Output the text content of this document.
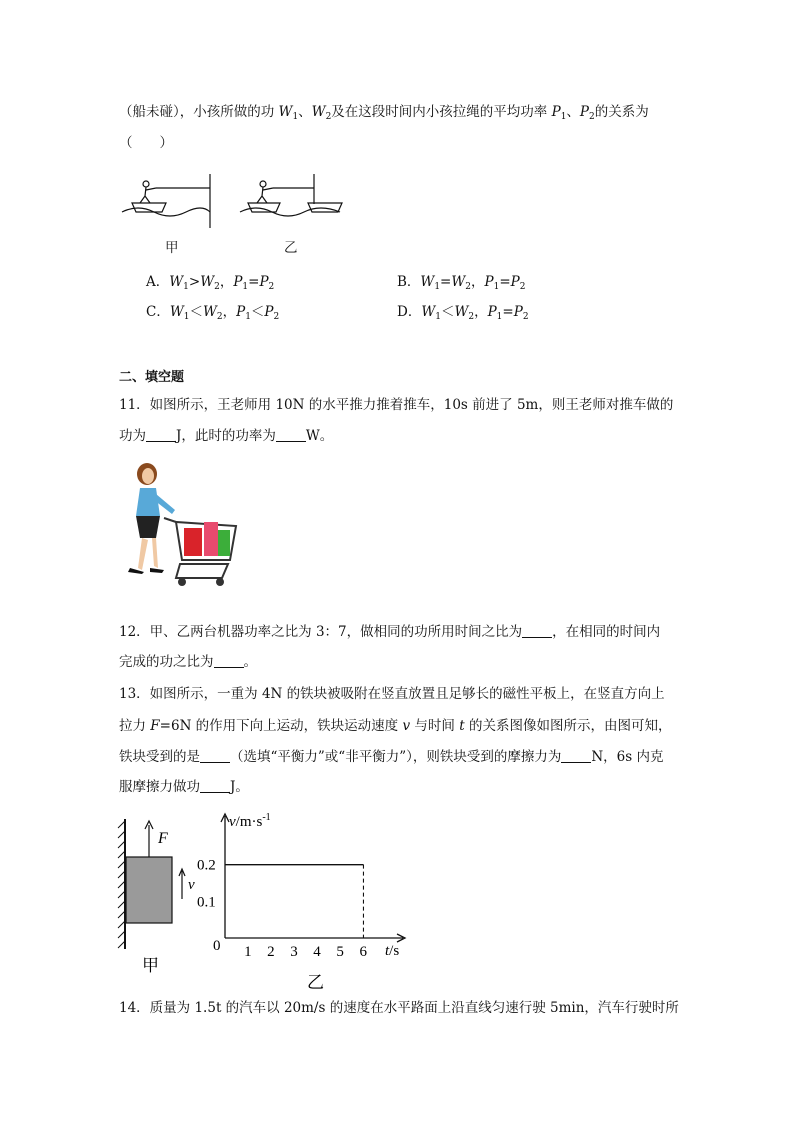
（船未碰），小孩所做的功 $W_1$、$W_2$及在这段时间内小孩拉绳的平均功率 $P_1$、$P_2$的关系为
（　　）
甲	乙
A．$W_1>W_2$，$P_1=P_2$	B．$W_1=W_2$，$P_1=P_2$
C．$W_1<W_2$，$P_1<P_2$	D．$W_1<W_2$，$P_1=P_2$
二、填空题
11．如图所示，王老师用 10N 的水平推力推着推车，10s 前进了 5m，则王老师对推车做的
功为 J，此时的功率为 W。
12．甲、乙两台机器功率之比为 3：7，做相同的功所用时间之比为 ，在相同的时间内
完成的功之比为 。
13．如图所示，一重为 4N 的铁块被吸附在竖直放置且足够长的磁性平板上，在竖直方向上
拉力 F=6N 的作用下向上运动，铁块运动速度 v 与时间 t 的关系图像如图所示，由图可知，
铁块受到的是 （选填“平衡力”或“非平衡力”），则铁块受到的摩擦力为 N，6s 内克
服摩擦力做功 J。
F
v
甲
$v/m\cdot s^{-1}$
t/s
0 1 2 3 4 5 6
0.1
0.2
乙
14．质量为 1.5t 的汽车以 20m/s 的速度在水平路面上沿直线匀速行驶 5min，汽车行驶时所
